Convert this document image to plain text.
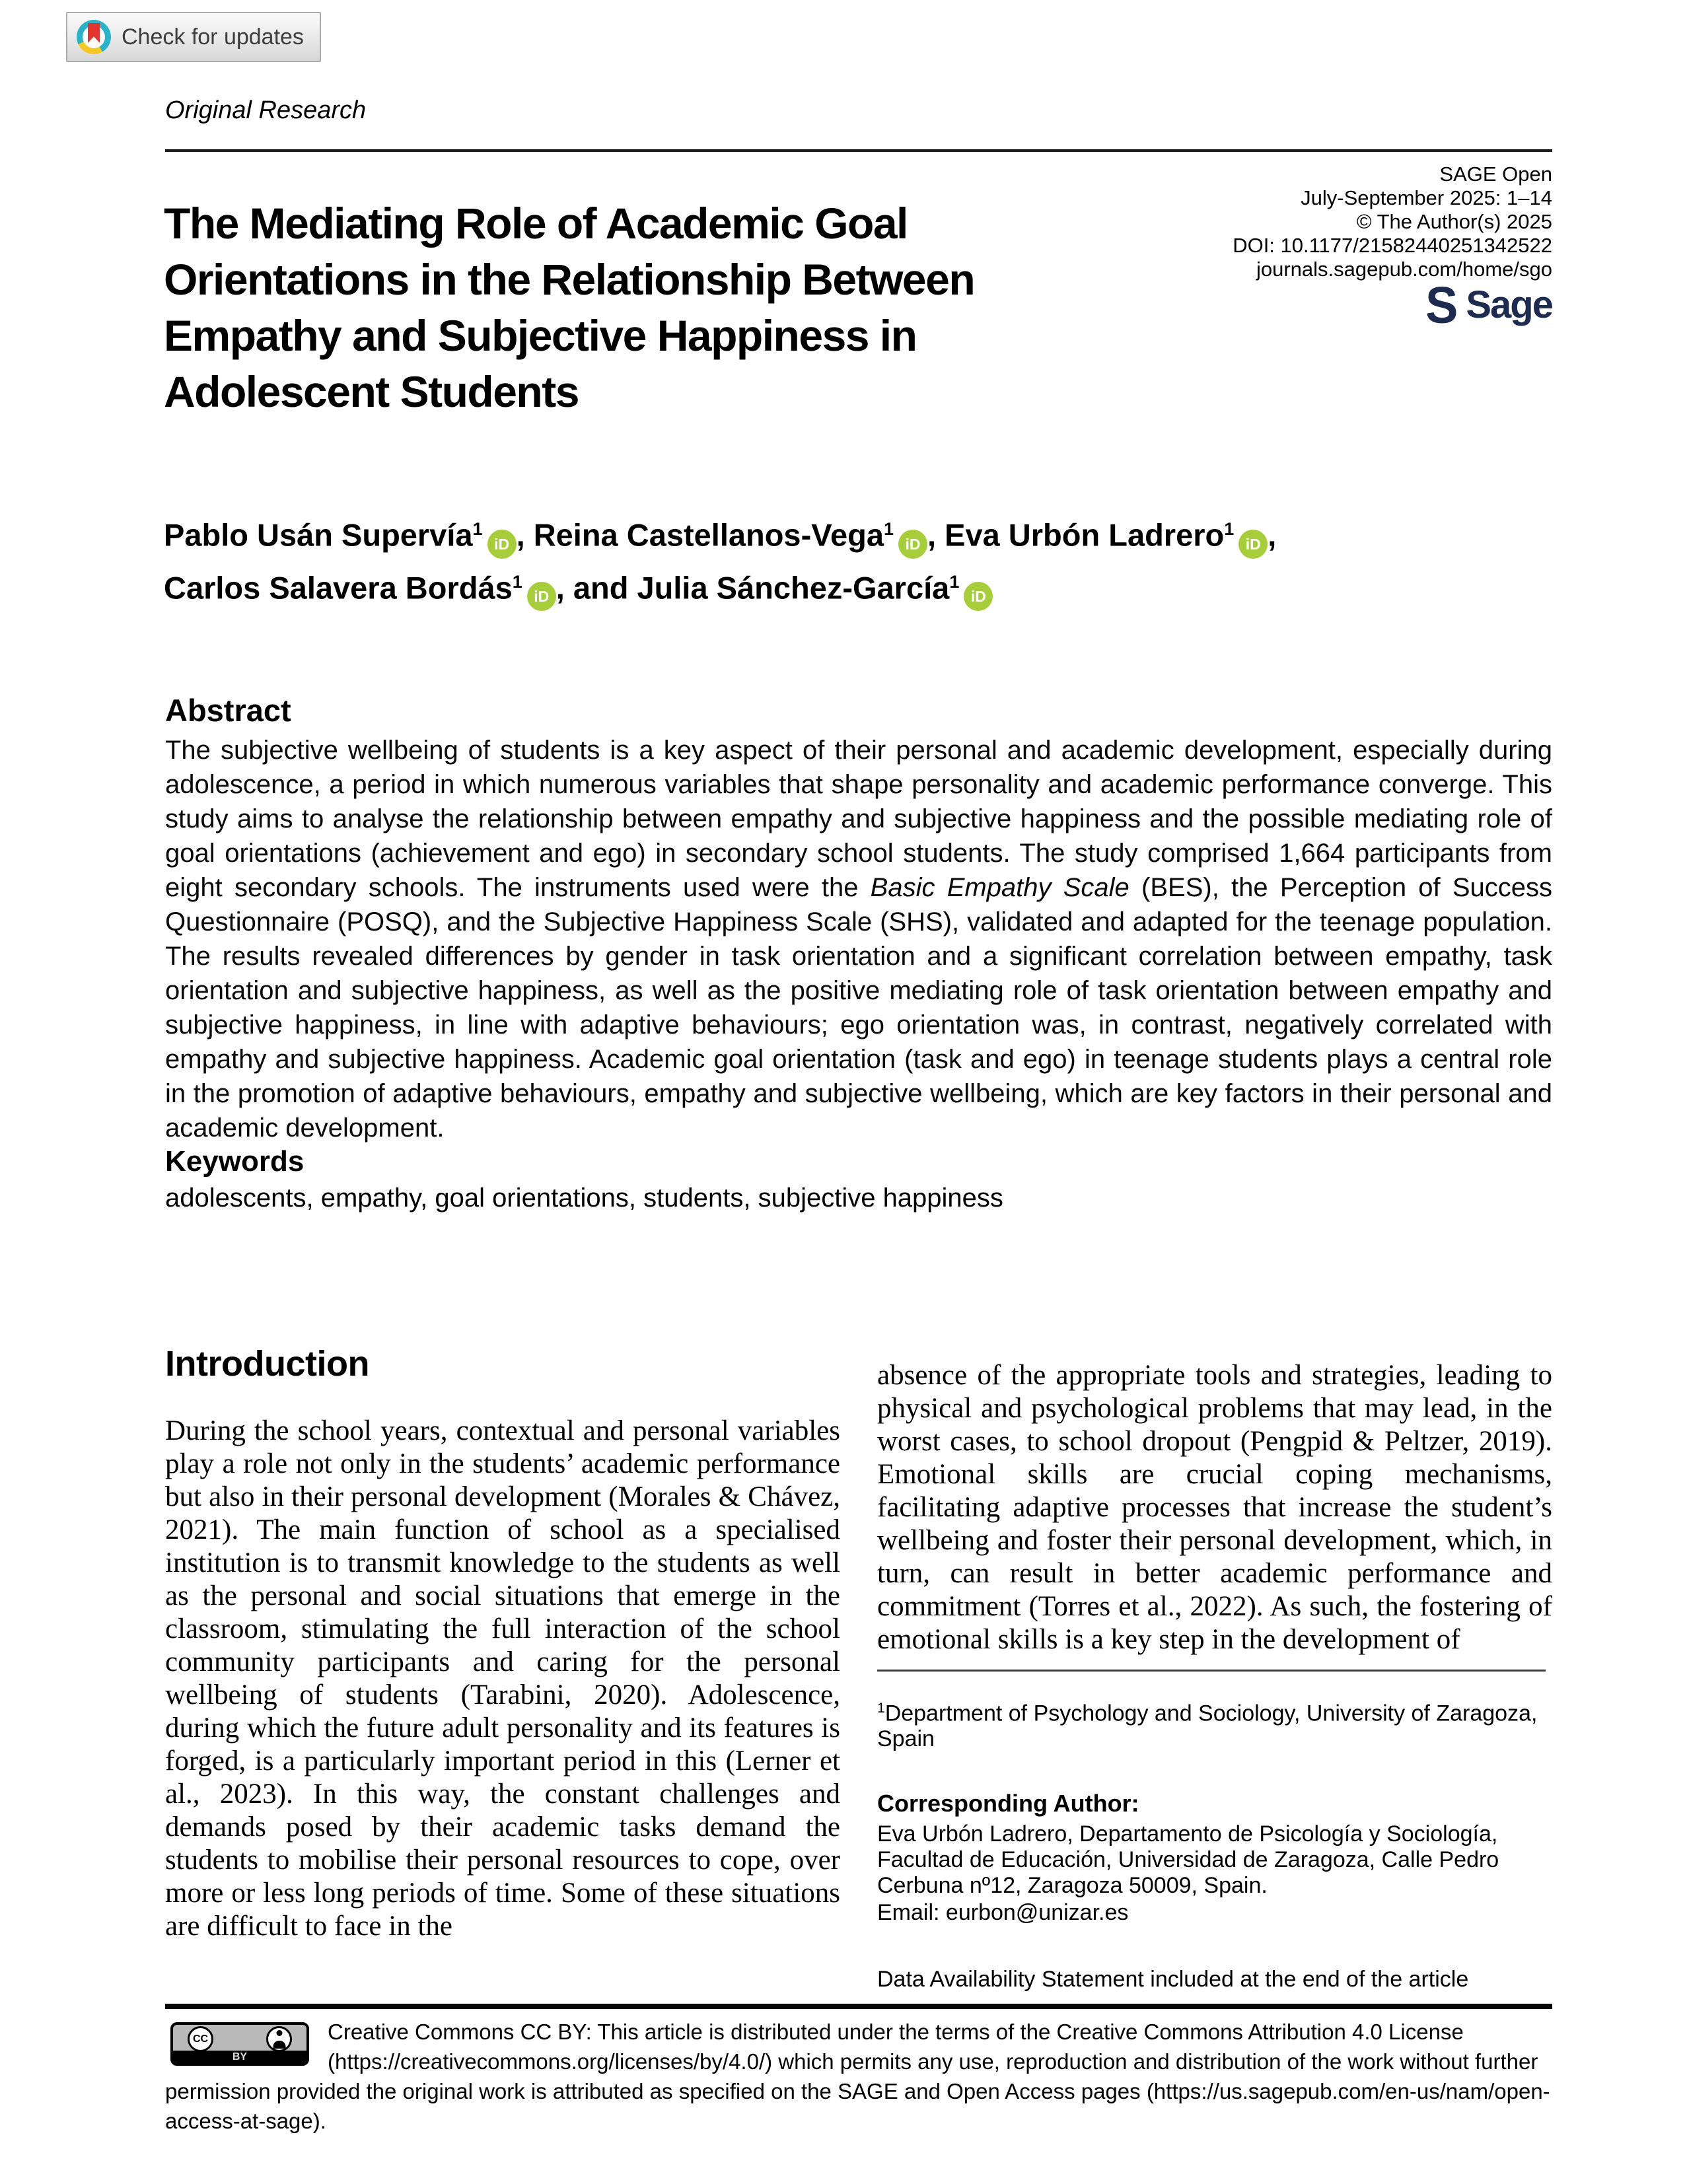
Check for updates
Original Research
SAGE Open
July-September 2025: 1–14
© The Author(s) 2025
DOI: 10.1177/21582440251342522
journals.sagepub.com/home/sgo
S Sage
The Mediating Role of Academic Goal
Orientations in the Relationship Between
Empathy and Subjective Happiness in
Adolescent Students
Pablo Usán Supervía$^1$iD , Reina Castellanos-Vega$^1$iD , Eva Urbón Ladrero$^1$iD , Carlos Salavera Bordás$^1$iD , and Julia Sánchez-García$^1$iD
Abstract
The subjective wellbeing of students is a key aspect of their personal and academic development, especially during adolescence, a period in which numerous variables that shape personality and academic performance converge. This study aims to analyse the relationship between empathy and subjective happiness and the possible mediating role of goal orientations (achievement and ego) in secondary school students. The study comprised 1,664 participants from eight secondary schools. The instruments used were the Basic Empathy Scale (BES), the Perception of Success Questionnaire (POSQ), and the Subjective Happiness Scale (SHS), validated and adapted for the teenage population. The results revealed differences by gender in task orientation and a significant correlation between empathy, task orientation and subjective happiness, as well as the positive mediating role of task orientation between empathy and subjective happiness, in line with adaptive behaviours; ego orientation was, in contrast, negatively correlated with empathy and subjective happiness. Academic goal orientation (task and ego) in teenage students plays a central role in the promotion of adaptive behaviours, empathy and subjective wellbeing, which are key factors in their personal and academic development.
Keywords
adolescents, empathy, goal orientations, students, subjective happiness
Introduction
During the school years, contextual and personal variables play a role not only in the students’ academic performance but also in their personal development (Morales & Chávez, 2021). The main function of school as a specialised institution is to transmit knowledge to the students as well as the personal and social situations that emerge in the classroom, stimulating the full interaction of the school community participants and caring for the personal wellbeing of students (Tarabini, 2020). Adolescence, during which the future adult personality and its features is forged, is a particularly important period in this (Lerner et al., 2023). In this way, the constant challenges and demands posed by their academic tasks demand the students to mobilise their personal resources to cope, over more or less long periods of time. Some of these situations are difficult to face in the
absence of the appropriate tools and strategies, leading to physical and psychological problems that may lead, in the worst cases, to school dropout (Pengpid & Peltzer, 2019). Emotional skills are crucial coping mechanisms, facilitating adaptive processes that increase the student’s wellbeing and foster their personal development, which, in turn, can result in better academic performance and commitment (Torres et al., 2022). As such, the fostering of emotional skills is a key step in the development of
$^1$Department of Psychology and Sociology, University of Zaragoza, Spain
Corresponding Author:
Eva Urbón Ladrero, Departamento de Psicología y Sociología, Facultad de Educación, Universidad de Zaragoza, Calle Pedro Cerbuna nº12, Zaragoza 50009, Spain.
Email: eurbon@unizar.es
Data Availability Statement included at the end of the article
CC
BY
Creative Commons CC BY: This article is distributed under the terms of the Creative Commons Attribution 4.0 License (https://creativecommons.org/licenses/by/4.0/) which permits any use, reproduction and distribution of the work without further permission provided the original work is attributed as specified on the SAGE and Open Access pages (https://us.sagepub.com/en-us/nam/open-access-at-sage).
